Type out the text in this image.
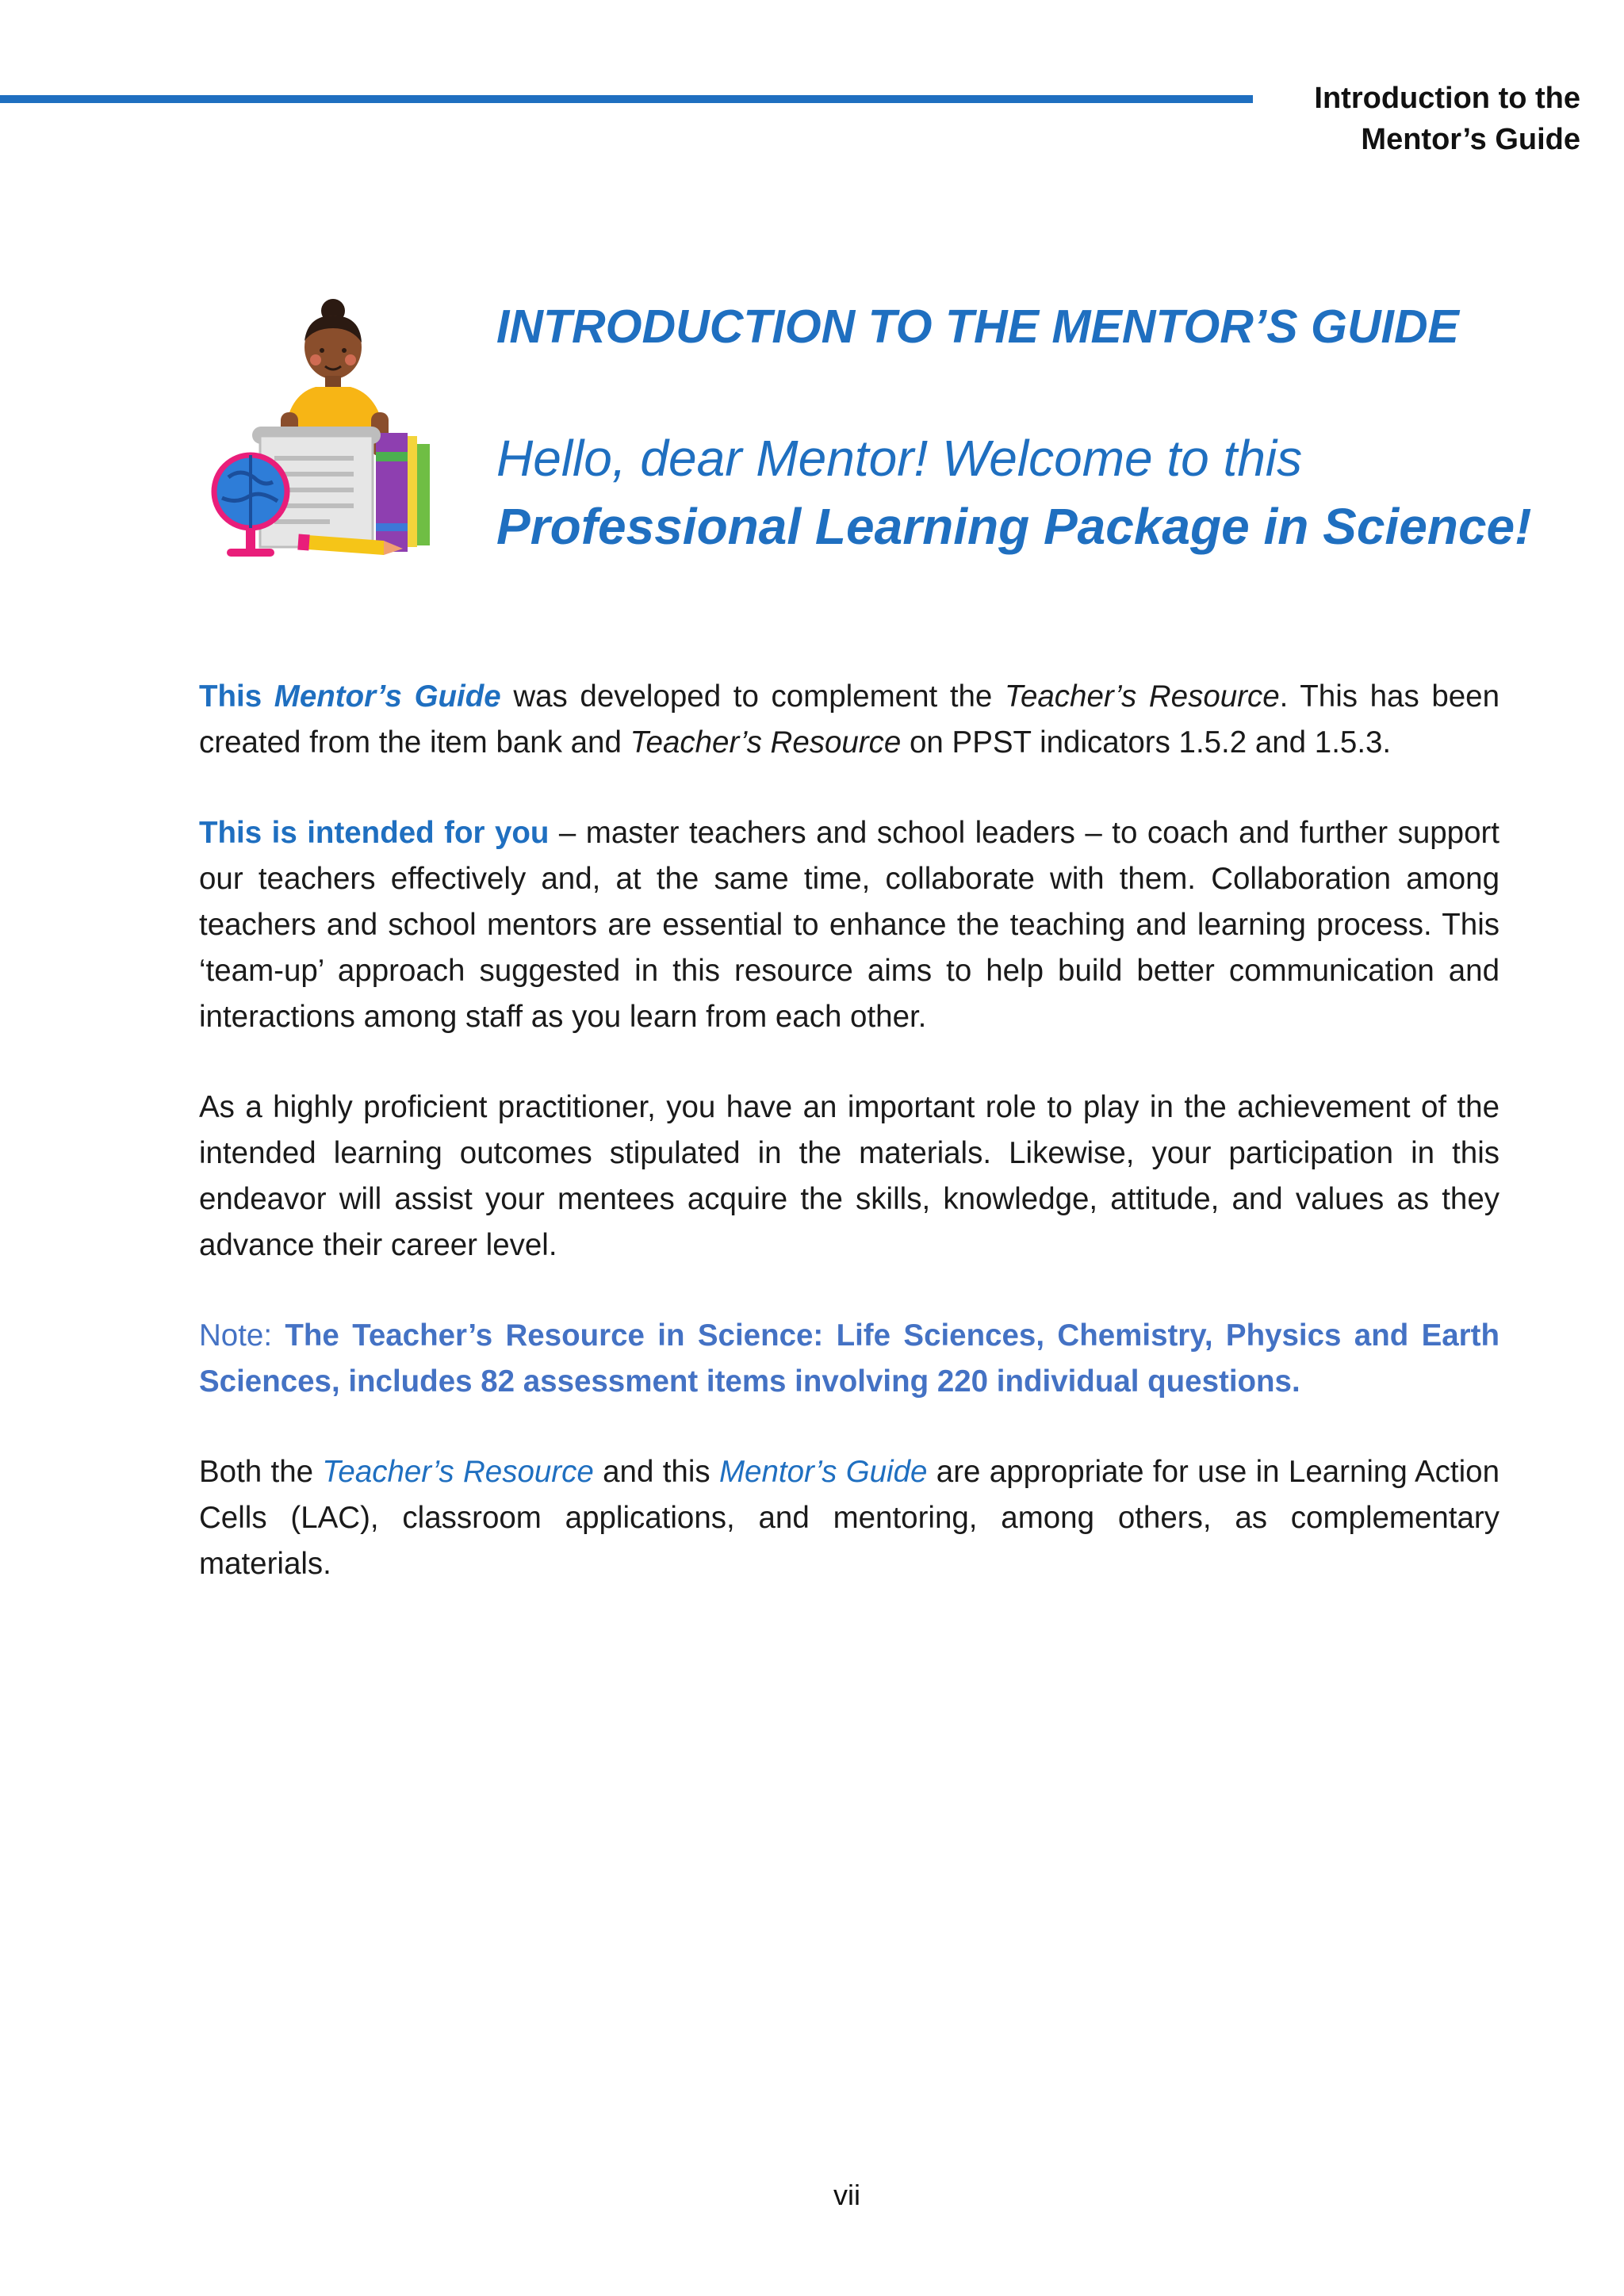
Introduction to the
Mentor’s Guide
INTRODUCTION TO THE MENTOR’S GUIDE
Hello, dear Mentor! Welcome to this
Professional Learning Package in Science!

This Mentor’s Guide was developed to complement the Teacher’s Resource. This has been created from the item bank and Teacher’s Resource on PPST indicators 1.5.2 and 1.5.3.

This is intended for you – master teachers and school leaders – to coach and further support our teachers effectively and, at the same time, collaborate with them. Collaboration among teachers and school mentors are essential to enhance the teaching and learning process. This ‘team-up’ approach suggested in this resource aims to help build better communication and interactions among staff as you learn from each other.

As a highly proficient practitioner, you have an important role to play in the achievement of the intended learning outcomes stipulated in the materials. Likewise, your participation in this endeavor will assist your mentees acquire the skills, knowledge, attitude, and values as they advance their career level.

Note: The Teacher’s Resource in Science: Life Sciences, Chemistry, Physics and Earth Sciences, includes 82 assessment items involving 220 individual questions.

Both the Teacher’s Resource and this Mentor’s Guide are appropriate for use in Learning Action Cells (LAC), classroom applications, and mentoring, among others, as complementary materials.

vii
